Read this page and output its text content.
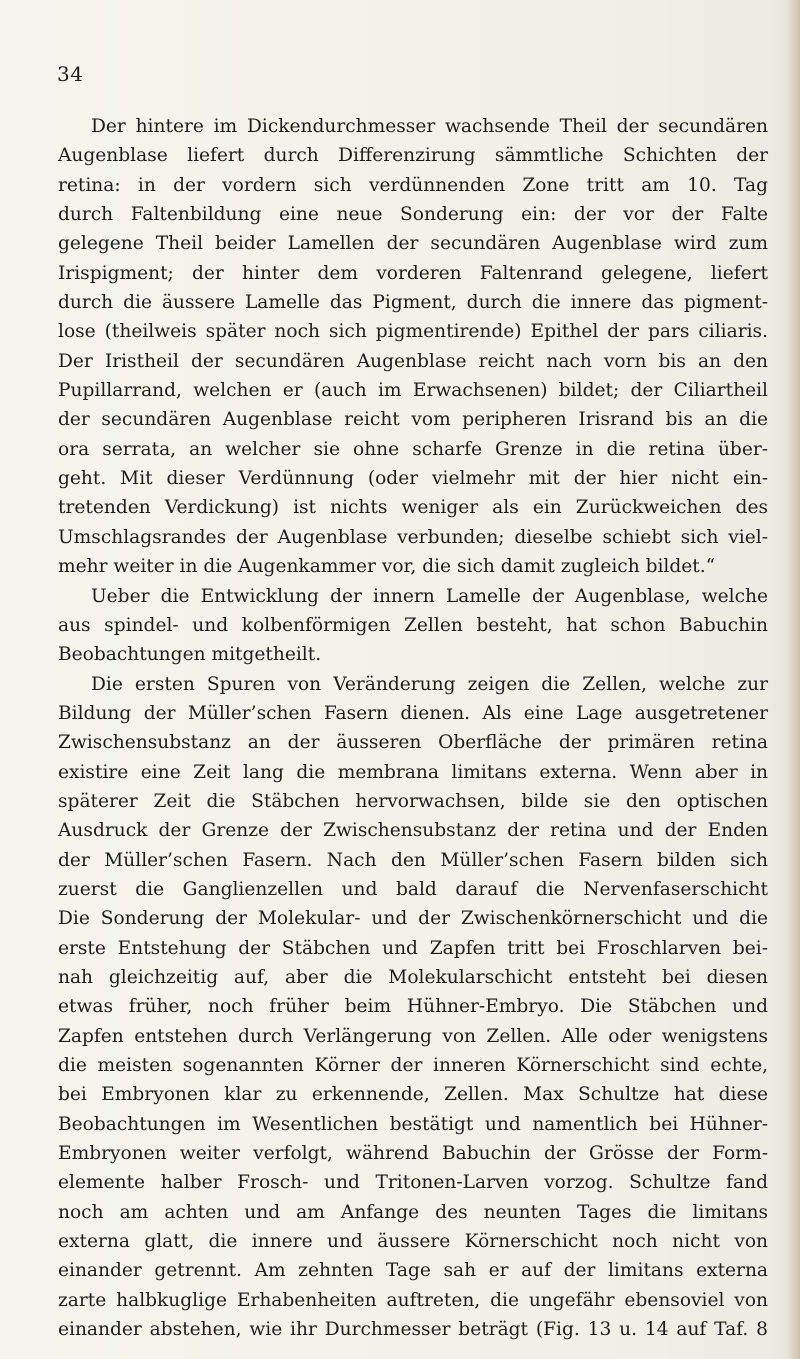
34
Der hintere im Dickendurchmesser wachsende Theil der secundären
Augenblase liefert durch Differenzirung sämmtliche Schichten der
retina: in der vordern sich verdünnenden Zone tritt am 10. Tag
durch Faltenbildung eine neue Sonderung ein: der vor der Falte
gelegene Theil beider Lamellen der secundären Augenblase wird zum
Irispigment; der hinter dem vorderen Faltenrand gelegene, liefert
durch die äussere Lamelle das Pigment, durch die innere das pigment-
lose (theilweis später noch sich pigmentirende) Epithel der pars ciliaris.
Der Iristheil der secundären Augenblase reicht nach vorn bis an den
Pupillarrand, welchen er (auch im Erwachsenen) bildet; der Ciliartheil
der secundären Augenblase reicht vom peripheren Irisrand bis an die
ora serrata, an welcher sie ohne scharfe Grenze in die retina über-
geht. Mit dieser Verdünnung (oder vielmehr mit der hier nicht ein-
tretenden Verdickung) ist nichts weniger als ein Zurückweichen des
Umschlagsrandes der Augenblase verbunden; dieselbe schiebt sich viel-
mehr weiter in die Augenkammer vor, die sich damit zugleich bildet.“
Ueber die Entwicklung der innern Lamelle der Augenblase, welche
aus spindel- und kolbenförmigen Zellen besteht, hat schon Babuchin
Beobachtungen mitgetheilt.
Die ersten Spuren von Veränderung zeigen die Zellen, welche zur
Bildung der Müller’schen Fasern dienen. Als eine Lage ausgetretener
Zwischensubstanz an der äusseren Oberfläche der primären retina
existire eine Zeit lang die membrana limitans externa. Wenn aber in
späterer Zeit die Stäbchen hervorwachsen, bilde sie den optischen
Ausdruck der Grenze der Zwischensubstanz der retina und der Enden
der Müller’schen Fasern. Nach den Müller’schen Fasern bilden sich
zuerst die Ganglienzellen und bald darauf die Nervenfaserschicht
Die Sonderung der Molekular- und der Zwischenkörnerschicht und die
erste Entstehung der Stäbchen und Zapfen tritt bei Froschlarven bei-
nah gleichzeitig auf, aber die Molekularschicht entsteht bei diesen
etwas früher, noch früher beim Hühner-Embryo. Die Stäbchen und
Zapfen entstehen durch Verlängerung von Zellen. Alle oder wenigstens
die meisten sogenannten Körner der inneren Körnerschicht sind echte,
bei Embryonen klar zu erkennende, Zellen. Max Schultze hat diese
Beobachtungen im Wesentlichen bestätigt und namentlich bei Hühner-
Embryonen weiter verfolgt, während Babuchin der Grösse der Form-
elemente halber Frosch- und Tritonen-Larven vorzog. Schultze fand
noch am achten und am Anfange des neunten Tages die limitans
externa glatt, die innere und äussere Körnerschicht noch nicht von
einander getrennt. Am zehnten Tage sah er auf der limitans externa
zarte halbkuglige Erhabenheiten auftreten, die ungefähr ebensoviel von
einander abstehen, wie ihr Durchmesser beträgt (Fig. 13 u. 14 auf Taf. 8
